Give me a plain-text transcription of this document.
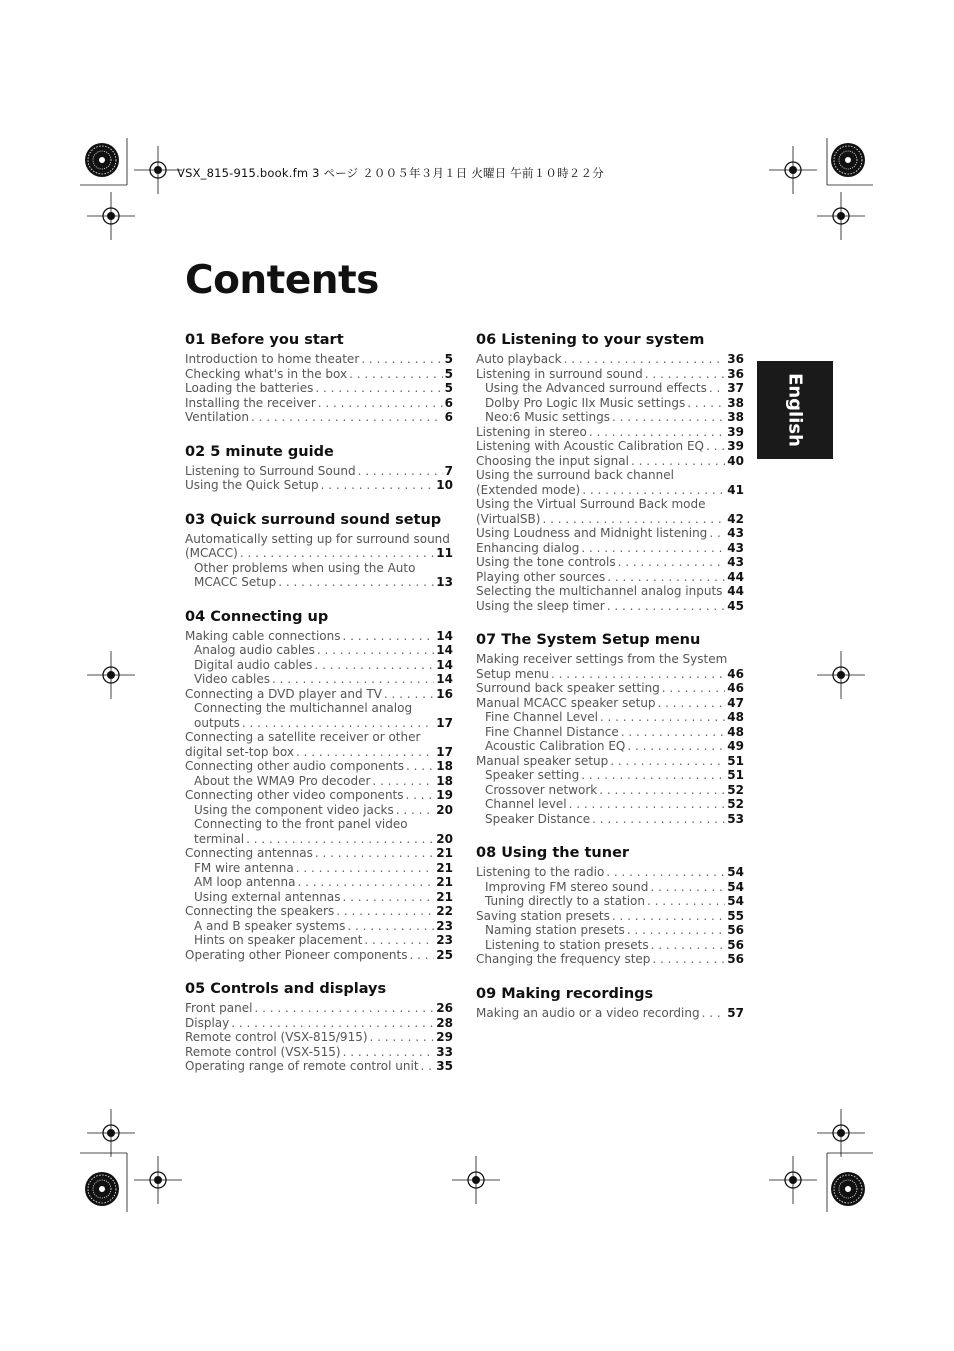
VSX_815-915.book.fm 3 ページ ２００５年３月１日 火曜日 午前１０時２２分
Contents
English
01 Before you start
Introduction to home theater . . .	5
Checking what's in the box . . .	5
Loading the batteries . . .	5
Installing the receiver . . .	6
Ventilation . . .	6
02 5 minute guide
Listening to Surround Sound . . .	7
Using the Quick Setup . . .	10
03 Quick surround sound setup
Automatically setting up for surround sound
(MCACC) . . .	11
Other problems when using the Auto
MCACC Setup . . .	13
04 Connecting up
Making cable connections . . .	14
Analog audio cables . . .	14
Digital audio cables . . .	14
Video cables . . .	14
Connecting a DVD player and TV . . .	16
Connecting the multichannel analog
outputs . . .	17
Connecting a satellite receiver or other
digital set-top box . . .	17
Connecting other audio components . . .	18
About the WMA9 Pro decoder . . .	18
Connecting other video components . . .	19
Using the component video jacks . . .	20
Connecting to the front panel video
terminal . . .	20
Connecting antennas . . .	21
FM wire antenna . . .	21
AM loop antenna . . .	21
Using external antennas . . .	21
Connecting the speakers . . .	22
A and B speaker systems . . .	23
Hints on speaker placement . . .	23
Operating other Pioneer components . . . 25
05 Controls and displays
Front panel . . .	26
Display . . .	28
Remote control (VSX-815/915) . . .	29
Remote control (VSX-515) . . .	33
Operating range of remote control unit . . . 35
06 Listening to your system
Auto playback . . .	36
Listening in surround sound . . .	36
Using the Advanced surround effects . . . 37
Dolby Pro Logic IIx Music settings . . .	38
Neo:6 Music settings . . .	38
Listening in stereo . . .	39
Listening with Acoustic Calibration EQ . . . 39
Choosing the input signal . . .	40
Using the surround back channel
(Extended mode) . . .	41
Using the Virtual Surround Back mode
(VirtualSB) . . .	42
Using Loudness and Midnight listening . . . 43
Enhancing dialog . . .	43
Using the tone controls . . .	43
Playing other sources . . .	44
Selecting the multichannel analog inputs . . . 44
Using the sleep timer . . .	45
07 The System Setup menu
Making receiver settings from the System
Setup menu . . .	46
Surround back speaker setting . . .	46
Manual MCACC speaker setup . . .	47
Fine Channel Level . . .	48
Fine Channel Distance . . .	48
Acoustic Calibration EQ . . .	49
Manual speaker setup . . .	51
Speaker setting . . .	51
Crossover network . . .	52
Channel level . . .	52
Speaker Distance . . .	53
08 Using the tuner
Listening to the radio . . .	54
Improving FM stereo sound . . .	54
Tuning directly to a station . . .	54
Saving station presets . . .	55
Naming station presets . . .	56
Listening to station presets . . .	56
Changing the frequency step . . .	56
09 Making recordings
Making an audio or a video recording . . . 57
